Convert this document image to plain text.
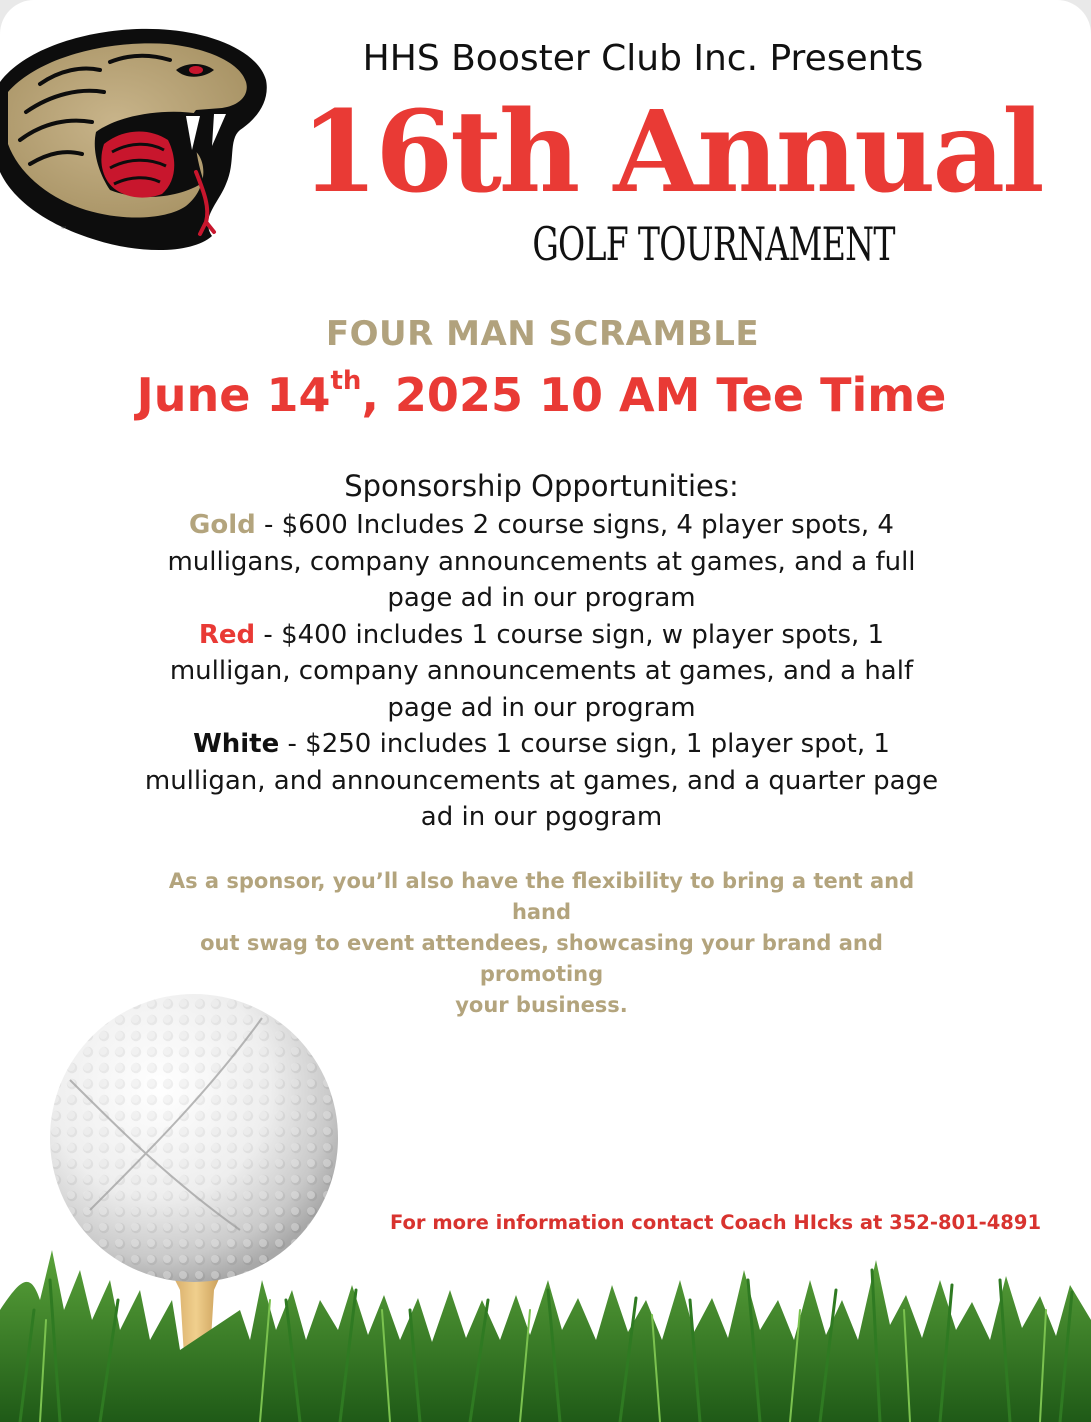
™
HHS Booster Club Inc. Presents
16th Annual
GOLF TOURNAMENT
FOUR MAN SCRAMBLE
June 14th, 2025 10 AM Tee Time
Sponsorship Opportunities:

Gold - $600 Includes 2 course signs, 4 player spots, 4

mulligans, company announcements at games, and a full

page ad in our program

Red - $400 includes 1 course sign, w player spots, 1

mulligan, company announcements at games, and a half

page ad in our program

White - $250 includes 1 course sign, 1 player spot, 1

mulligan, and announcements at games, and a quarter page

ad in our pgogram

As a sponsor, you’ll also have the flexibility to bring a tent and hand
out swag to event attendees, showcasing your brand and promoting
your business.
For more information contact Coach HIcks at 352-801-4891
